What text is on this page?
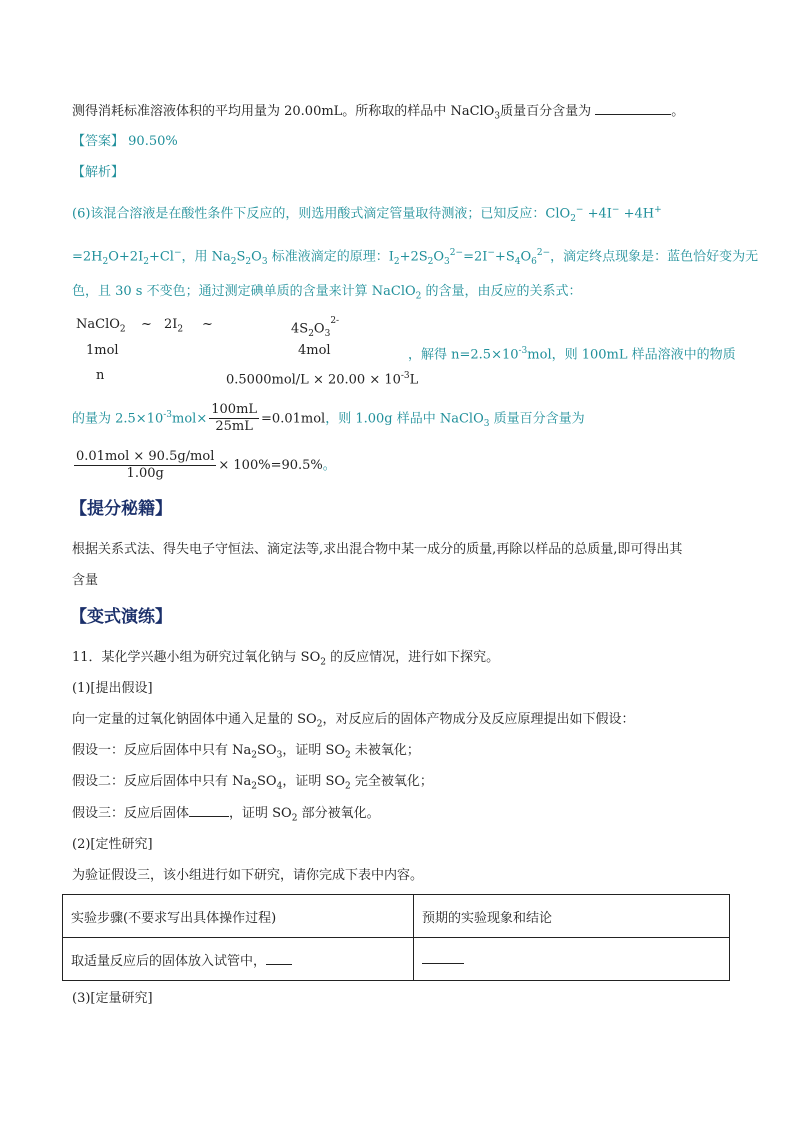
测得消耗标准溶液体积的平均用量为 20.00mL。所称取的样品中 NaClO$_3$质量百分含量为	。
【答案】 90.50%
【解析】
(6)该混合溶液是在酸性条件下反应的，则选用酸式滴定管量取待测液；已知反应：ClO$_2$− +4I− +4H+
$=2H_2O+2I_2+Cl^-$，用 $Na_2S_2O_3$ 标准液滴定的原理：$I_2+2S_2O_3^{2-}=2I^-+S_4O_6^{2-}$，滴定终点现象是：蓝色恰好变为无
色，且 30 s 不变色；通过测定碘单质的含量来计算 NaClO$_2$ 的含量，由反应的关系式：
NaClO$_2$ ~ $2I_2$ ~	$4S_2O_3^{2-}$
1mol	4mol	，解得 $n=2.5\times 10^{-3}mol$，则 100mL 样品溶液中的物质
n	$0.5000mol/L \times 20.00 \times 10^{-3}L$
的量为 $2.5\times 10^{-3}mol\times \frac{100mL}{25mL} =0.01mol$，则 1.00g 样品中 NaClO$_3$ 质量百分含量为
$\frac{\text{0.01mol × 90.5g/mol}}{1.00g} \times 100\%=90.5\%$。
【提分秘籍】
根据关系式法、得失电子守恒法、滴定法等,求出混合物中某一成分的质量,再除以样品的总质量,即可得出其
含量
【变式演练】
11．某化学兴趣小组为研究过氧化钠与 $SO_2$ 的反应情况，进行如下探究。
(1)[提出假设]
向一定量的过氧化钠固体中通入足量的 $SO_2$，对反应后的固体产物成分及反应原理提出如下假设：
假设一：反应后固体中只有 $Na_2SO_3$，证明 $SO_2$ 未被氧化；
假设二：反应后固体中只有 $Na_2SO_4$，证明 $SO_2$ 完全被氧化；
假设三：反应后固体	，证明 $SO_2$ 部分被氧化。
(2)[定性研究]
为验证假设三，该小组进行如下研究，请你完成下表中内容。
实验步骤(不要求写出具体操作过程)	预期的实验现象和结论
取适量反应后的固体放入试管中，	
(3)[定量研究]
